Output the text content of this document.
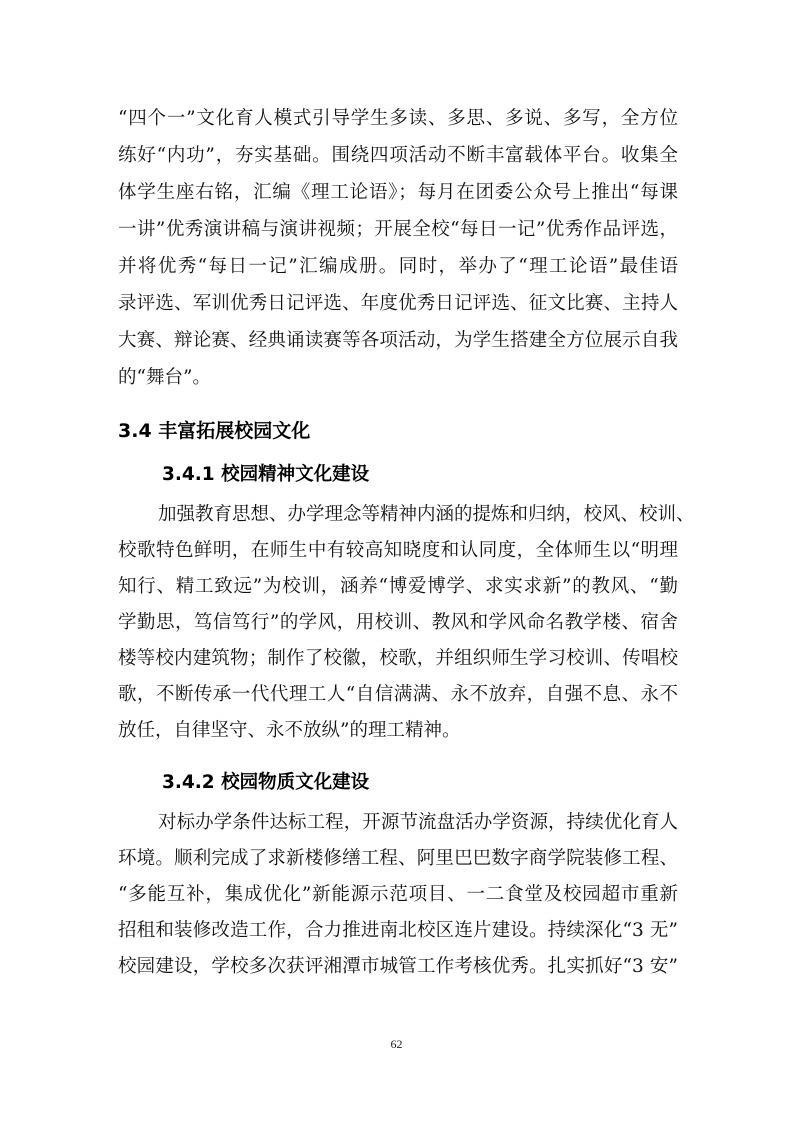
“四个一”文化育人模式引导学生多读、多思、多说、多写，全方位
练好“内功”，夯实基础。围绕四项活动不断丰富载体平台。收集全
体学生座右铭，汇编《理工论语》；每月在团委公众号上推出“每课
一讲”优秀演讲稿与演讲视频；开展全校“每日一记”优秀作品评选，
并将优秀“每日一记”汇编成册。同时，举办了“理工论语”最佳语
录评选、军训优秀日记评选、年度优秀日记评选、征文比赛、主持人
大赛、辩论赛、经典诵读赛等各项活动，为学生搭建全方位展示自我
的“舞台”。
3.4 丰富拓展校园文化
3.4.1 校园精神文化建设
加强教育思想、办学理念等精神内涵的提炼和归纳，校风、校训、
校歌特色鲜明，在师生中有较高知晓度和认同度，全体师生以“明理
知行、精工致远”为校训，涵养“博爱博学、求实求新”的教风、“勤
学勤思，笃信笃行”的学风，用校训、教风和学风命名教学楼、宿舍
楼等校内建筑物；制作了校徽，校歌，并组织师生学习校训、传唱校
歌，不断传承一代代理工人“自信满满、永不放弃，自强不息、永不
放任，自律坚守、永不放纵”的理工精神。
3.4.2 校园物质文化建设
对标办学条件达标工程，开源节流盘活办学资源，持续优化育人
环境。顺利完成了求新楼修缮工程、阿里巴巴数字商学院装修工程、
“多能互补，集成优化”新能源示范项目、一二食堂及校园超市重新
招租和装修改造工作，合力推进南北校区连片建设。持续深化“3 无”
校园建设，学校多次获评湘潭市城管工作考核优秀。扎实抓好“3 安”
62
